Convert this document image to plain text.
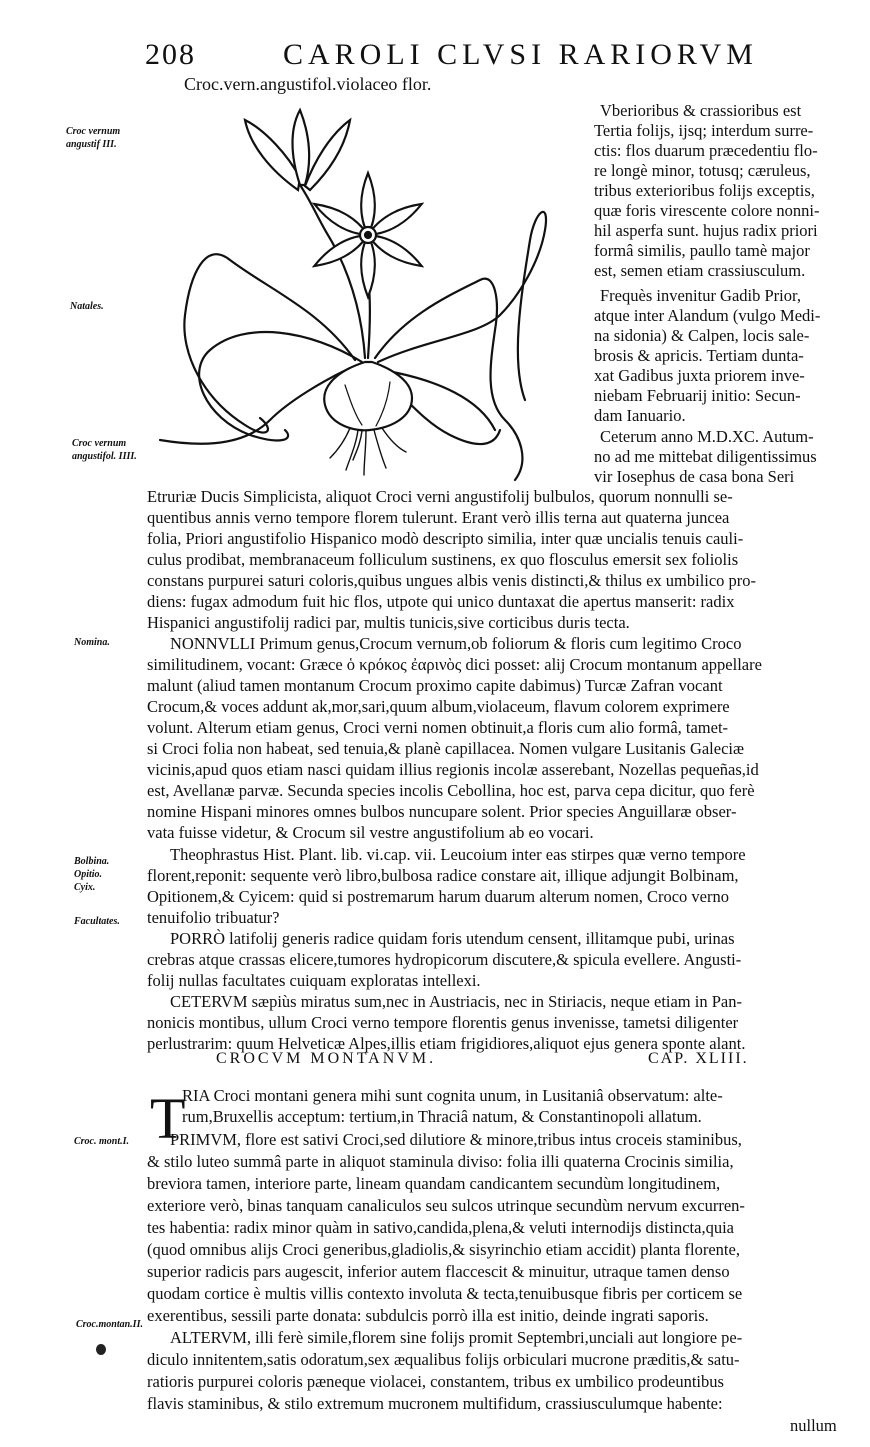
208	CAROLI CLVSI RARIORVM
Croc.vern.angustifol.violaceo flor.
Croc vernum angustif III.
Natales.
Croc vernum angustifol. IIII.
Nomina.
Bolbina.
Opitio.
Cyix.
Facultates.
Croc. mont.I.
Croc.montan.II.
Vberioribus & crassioribus est
Tertia folijs, ijsq; interdum surre-
ctis: flos duarum præcedentiu flo-
re longè minor, totusq; cæruleus,
tribus exterioribus folijs exceptis,
quæ foris virescente colore nonni-
hil asperfa sunt. hujus radix priori
formâ similis, paullo tamè major
est, semen etiam crassiusculum.
Frequès invenitur Gadib Prior,
atque inter Alandum (vulgo Medi-
na sidonia) & Calpen, locis sale-
brosis & apricis. Tertiam dunta-
xat Gadibus juxta priorem inve-
niebam Februarij initio: Secun-
dam Ianuario.
Ceterum anno M.D.XC. Autum-
no ad me mittebat diligentissimus
vir Iosephus de casa bona Seri
Etruriæ Ducis Simplicista, aliquot Croci verni angustifolij bulbulos, quorum nonnulli se-
quentibus annis verno tempore florem tulerunt. Erant verò illis terna aut quaterna juncea
folia, Priori angustifolio Hispanico modò descripto similia, inter quæ uncialis tenuis cauli-
culus prodibat, membranaceum folliculum sustinens, ex quo flosculus emersit sex foliolis
constans purpurei saturi coloris,quibus ungues albis venis distincti,& thilus ex umbilico pro-
diens: fugax admodum fuit hic flos, utpote qui unico duntaxat die apertus manserit: radix
Hispanici angustifolij radici par, multis tunicis,sive corticibus duris tecta.
NONNVLLI Primum genus,Crocum vernum,ob foliorum & floris cum legitimo Croco
similitudinem, vocant: Græce ὁ κρόκος ἐαρινὸς dici posset: alij Crocum montanum appellare
malunt (aliud tamen montanum Crocum proximo capite dabimus) Turcæ Zafran vocant
Crocum,& voces addunt ak,mor,sari,quum album,violaceum, flavum colorem exprimere
volunt. Alterum etiam genus, Croci verni nomen obtinuit,a floris cum alio formâ, tamet-
si Croci folia non habeat, sed tenuia,& planè capillacea. Nomen vulgare Lusitanis Galeciæ
vicinis,apud quos etiam nasci quidam illius regionis incolæ asserebant, Nozellas pequeñas,id
est, Avellanæ parvæ. Secunda species incolis Cebollina, hoc est, parva cepa dicitur, quo ferè
nomine Hispani minores omnes bulbos nuncupare solent. Prior species Anguillaræ obser-
vata fuisse videtur, & Crocum sil vestre angustifolium ab eo vocari.
Theophrastus Hist. Plant. lib. vi.cap. vii. Leucoium inter eas stirpes quæ verno tempore
florent,reponit: sequente verò libro,bulbosa radice constare ait, illique adjungit Bolbinam,
Opitionem,& Cyicem: quid si postremarum harum duarum alterum nomen, Croco verno
tenuifolio tribuatur?
PORRÒ latifolij generis radice quidam foris utendum censent, illitamque pubi, urinas
crebras atque crassas elicere,tumores hydropicorum discutere,& spicula evellere. Angusti-
folij nullas facultates cuiquam exploratas intellexi.
CETERVM sæpiùs miratus sum,nec in Austriacis, nec in Stiriacis, neque etiam in Pan-
nonicis montibus, ullum Croci verno tempore florentis genus invenisse, tametsi diligenter
perlustrarim: quum Helveticæ Alpes,illis etiam frigidiores,aliquot ejus genera sponte alant.
CROCVM MONTANVM.	CAP. XLIII.
T
RIA Croci montani genera mihi sunt cognita unum, in Lusitaniâ observatum: alte-
rum,Bruxellis acceptum: tertium,in Thraciâ natum, & Constantinopoli allatum.
PRIMVM, flore est sativi Croci,sed dilutiore & minore,tribus intus croceis staminibus,
& stilo luteo summâ parte in aliquot staminula diviso: folia illi quaterna Crocinis similia,
breviora tamen, interiore parte, lineam quandam candicantem secundùm longitudinem,
exteriore verò, binas tanquam canaliculos seu sulcos utrinque secundùm nervum excurren-
tes habentia: radix minor quàm in sativo,candida,plena,& veluti internodijs distincta,quia
(quod omnibus alijs Croci generibus,gladiolis,& sisyrinchio etiam accidit) planta florente,
superior radicis pars augescit, inferior autem flaccescit & minuitur, utraque tamen denso
quodam cortice è multis villis contexto involuta & tecta,tenuibusque fibris per corticem se
exerentibus, sessili parte donata: subdulcis porrò illa est initio, deinde ingrati saporis.
ALTERVM, illi ferè simile,florem sine folijs promit Septembri,unciali aut longiore pe-
diculo innitentem,satis odoratum,sex æqualibus folijs orbiculari mucrone præditis,& satu-
ratioris purpurei coloris pæneque violacei, constantem, tribus ex umbilico prodeuntibus
flavis staminibus, & stilo extremum mucronem multifidum, crassiusculumque habente:
nullum
